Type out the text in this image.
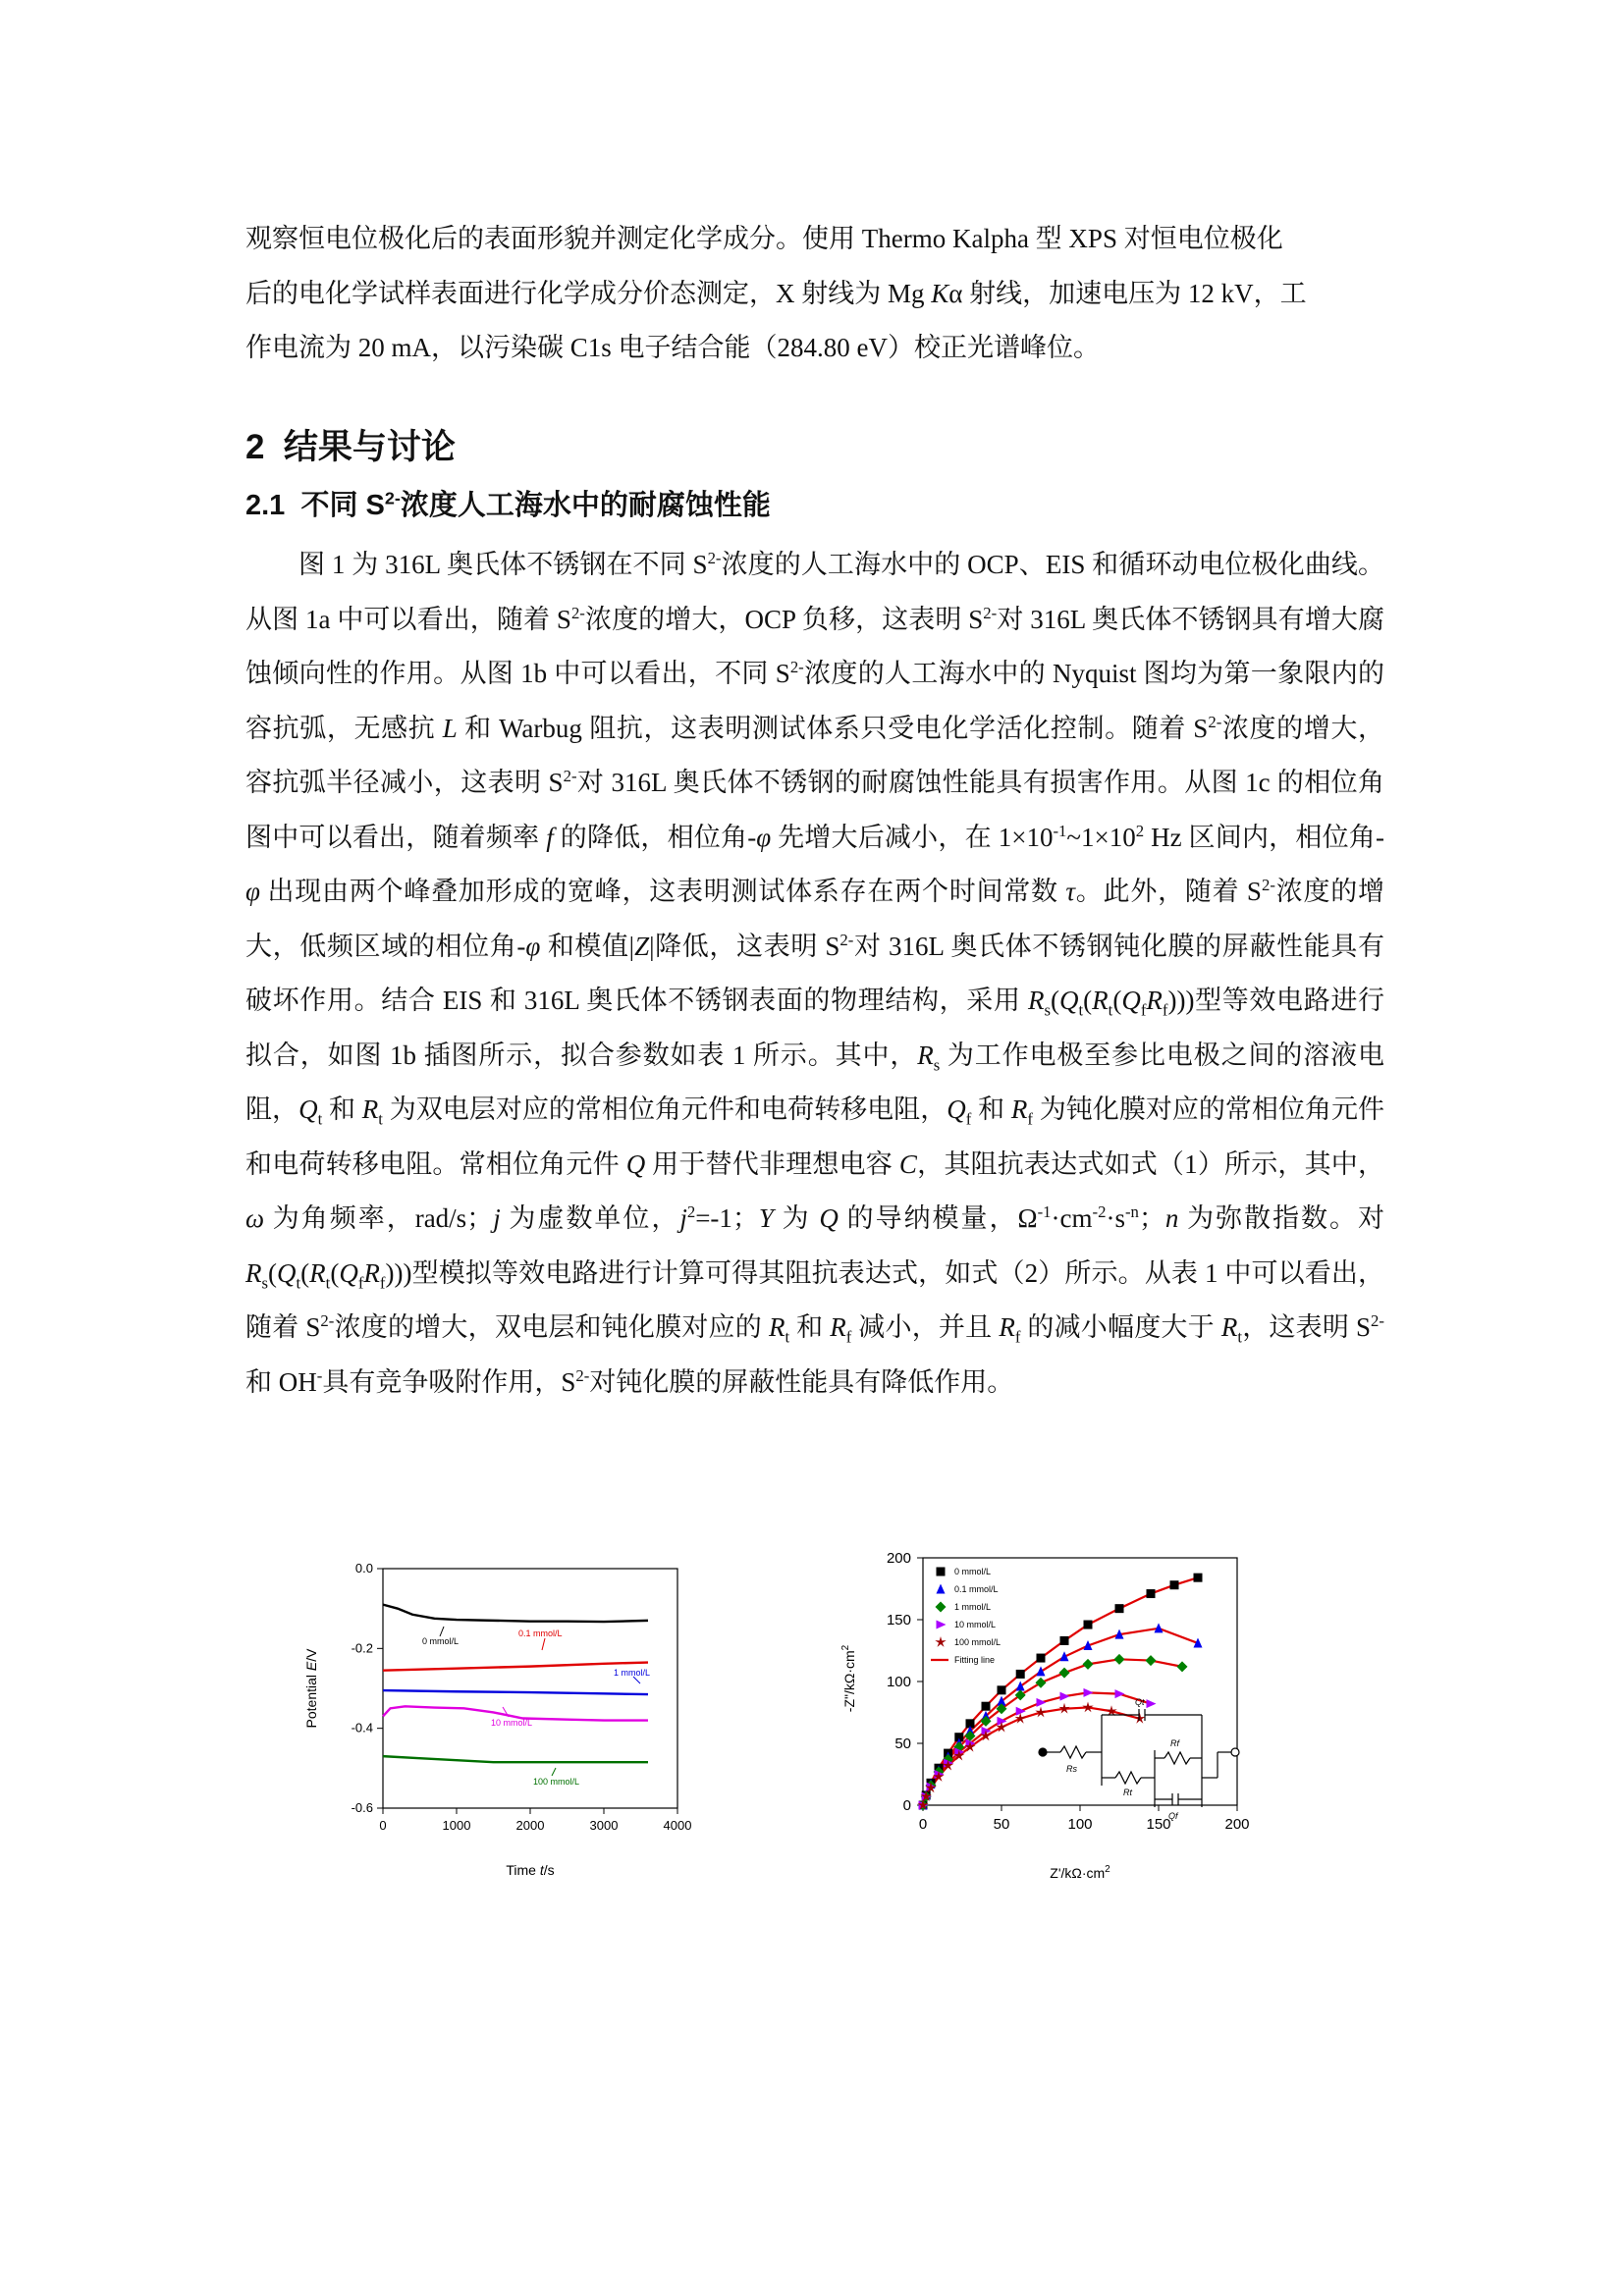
观察恒电位极化后的表面形貌并测定化学成分。使用 Thermo Kalpha 型 XPS 对恒电位极化
后的电化学试样表面进行化学成分价态测定，X 射线为 Mg Kα 射线，加速电压为 12 kV，工
作电流为 20 mA，以污染碳 C1s 电子结合能（284.80 eV）校正光谱峰位。

2 结果与讨论
2.1 不同 $S^{2-}$浓度人工海水中的耐腐蚀性能

图 1 为 316L 奥氏体不锈钢在不同 $S^{2-}$浓度的人工海水中的 OCP、EIS 和循环动电位极化曲线。从图 1a 中可以看出，随着 $S^{2-}$浓度的增大，OCP 负移，这表明 $S^{2-}$对 316L 奥氏体不锈钢具有增大腐蚀倾向性的作用。从图 1b 中可以看出，不同 $S^{2-}$浓度的人工海水中的 Nyquist 图均为第一象限内的容抗弧，无感抗 L 和 Warbug 阻抗，这表明测试体系只受电化学活化控制。随着 $S^{2-}$浓度的增大，容抗弧半径减小，这表明 $S^{2-}$对 316L 奥氏体不锈钢的耐腐蚀性能具有损害作用。从图 1c 的相位角图中可以看出，随着频率 f 的降低，相位角-φ 先增大后减小，在 $1\times 10^{-1}\sim 1\times 10^2$ Hz 区间内，相位角-φ 出现由两个峰叠加形成的宽峰，这表明测试体系存在两个时间常数 τ。此外，随着 $S^{2-}$浓度的增大，低频区域的相位角-φ 和模值|Z|降低，这表明 $S^{2-}$对 316L 奥氏体不锈钢钝化膜的屏蔽性能具有破坏作用。结合 EIS 和 316L 奥氏体不锈钢表面的物理结构，采用 $R_s(Q_t(R_t(Q_fR_f)))$型等效电路进行拟合，如图 1b 插图所示，拟合参数如表 1 所示。其中，$R_s$ 为工作电极至参比电极之间的溶液电阻，$Q_t$ 和 $R_t$ 为双电层对应的常相位角元件和电荷转移电阻，$Q_f$ 和 $R_f$ 为钝化膜对应的常相位角元件和电荷转移电阻。常相位角元件 Q 用于替代非理想电容 C，其阻抗表达式如式（1）所示，其中，ω 为角频率，rad/s；j 为虚数单位，$j^2=-1$；Y 为 Q 的导纳模量，$\Omega^{-1}\cdot cm^{-2}\cdot s^{-n}$；n 为弥散指数。对 $R_s(Q_t(R_t(Q_fR_f)))$型模拟等效电路进行计算可得其阻抗表达式，如式（2）所示。从表 1 中可以看出，随着 $S^{2-}$浓度的增大，双电层和钝化膜对应的 $R_t$ 和 $R_f$ 减小，并且 $R_f$ 的减小幅度大于 $R_t$，这表明 $S^{2-}$和 OH-具有竞争吸附作用，$S^{2-}$对钝化膜的屏蔽性能具有降低作用。

0	1000	2000	3000	4000
0.0
-0.2
-0.4
-0.6
0 mmol/L
0.1 mmol/L
1 mmol/L
10 mmol/L
100 mmol/L
Time t/s
Potential E/V
0	50	100	150	200
0
50
100
150
200
0 mmol/L
0.1 mmol/L
1 mmol/L
10 mmol/L
100 mmol/L
Fitting line
Rs
Qt
Rt
Rf
Qf
$Z'/k\Omega\cdot cm^2$
$-Z"/k\Omega\cdot cm^2$
